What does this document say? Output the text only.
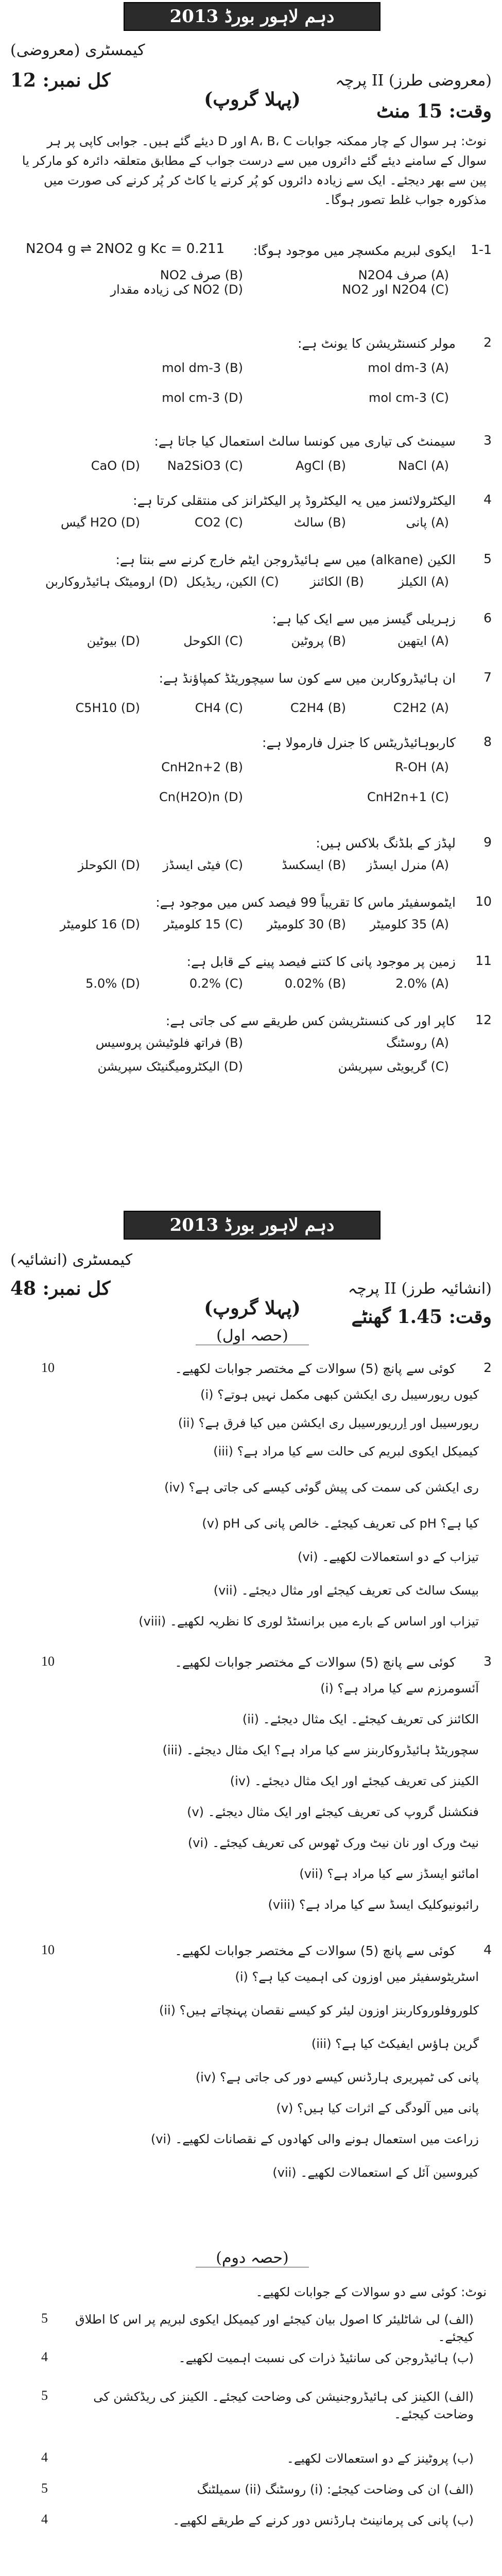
دہم لاہور بورڈ 2013
کیمسٹری (معروضی)
کل نمبر: 12	پرچہ II (معروضی طرز)
وقت: 15 منٹ
(پہلا گروپ)
نوٹ: ہر سوال کے چار ممکنہ جوابات A، B، C اور D دیئے گئے ہیں۔ جوابی کاپی پر ہر سوال کے سامنے دیئے گئے دائروں میں سے درست جواب کے مطابق متعلقہ دائرہ کو مارکر یا پین سے بھر دیجئے۔ ایک سے زیادہ دائروں کو پُر کرنے یا کاٹ کر پُر کرنے کی صورت میں مذکورہ جواب غلط تصور ہوگا۔
ایکوی لبریم مکسچر میں موجود ہوگا:	1-1
N2O4 g ⇌ 2NO2 g Kc = 0.211
(A) صرف N2O4
(B) صرف NO2
(C) N2O4 اور NO2
(D) NO2 کی زیادہ مقدار
مولر کنسنٹریشن کا یونٹ ہے:	2
(A) mol dm-3
(B) mol dm-3
(C) mol cm-3
(D) mol cm-3
سیمنٹ کی تیاری میں کونسا سالٹ استعمال کیا جاتا ہے:	3
(A) NaCl
(B) AgCl
(C) Na2SiO3
(D) CaO
الیکٹرولائسز میں یہ الیکٹروڈ پر الیکٹرانز کی منتقلی کرتا ہے:	4
(A) پانی
(B) سالٹ
(C) CO2
(D) H2O گیس
الکین (alkane) میں سے ہائیڈروجن ایٹم خارج کرنے سے بنتا ہے:	5
(A) الکیلز
(B) الکائنز
(C) الکین، ریڈیکل
(D) ارومیٹک ہائیڈروکاربن
زہریلی گیسز میں سے ایک کیا ہے:	6
(A) ایتھین
(B) پروٹین
(C) الکوحل
(D) بیوٹین
ان ہائیڈروکاربن میں سے کون سا سیچوریٹڈ کمپاؤنڈ ہے:	7
(A) C2H2
(B) C2H4
(C) CH4
(D) C5H10
کاربوہائیڈریٹس کا جنرل فارمولا ہے:	8
(A) R-OH
(B) CnH2n+2
(C) CnH2n+1
(D) Cn(H2O)n
لپڈز کے بلڈنگ بلاکس ہیں:	9
(A) منرل ایسڈز
(B) ایسکسڈ
(C) فیٹی ایسڈز
(D) الکوحلز
ایٹموسفیئر ماس کا تقریباً 99 فیصد کس میں موجود ہے:	10
(A) 35 کلومیٹر
(B) 30 کلومیٹر
(C) 15 کلومیٹر
(D) 16 کلومیٹر
زمین پر موجود پانی کا کتنے فیصد پینے کے قابل ہے:	11
(A) 2.0%
(B) 0.02%
(C) 0.2%
(D) 5.0%
کاپر اور کی کنسنٹریشن کس طریقے سے کی جاتی ہے:	12
(A) روسٹنگ
(B) فراتھ فلوٹیشن پروسیس
(C) گریویٹی سپریشن
(D) الیکٹرومیگنیٹک سپریشن
دہم لاہور بورڈ 2013
کیمسٹری (انشائیہ)
کل نمبر: 48	پرچہ II (انشائیہ طرز)
وقت: 1.45 گھنٹے
(پہلا گروپ)
(حصہ اول)
کوئی سے پانچ (5) سوالات کے مختصر جوابات لکھیے۔	2
10
(i) کیوں ریورسیبل ری ایکشن کبھی مکمل نہیں ہوتے؟
(ii) ریورسیبل اور اِرریورسیبل ری ایکشن میں کیا فرق ہے؟
(iii) کیمیکل ایکوی لبریم کی حالت سے کیا مراد ہے؟
(iv) ری ایکشن کی سمت کی پیش گوئی کیسے کی جاتی ہے؟
(v) pH کی تعریف کیجئے۔ خالص پانی کی pH کیا ہے؟
(vi) تیزاب کے دو استعمالات لکھیے۔
(vii) بیسک سالٹ کی تعریف کیجئے اور مثال دیجئے۔
(viii) تیزاب اور اساس کے بارے میں برانسٹڈ لوری کا نظریہ لکھیے۔
کوئی سے پانچ (5) سوالات کے مختصر جوابات لکھیے۔	3
10
(i) آئسومرزم سے کیا مراد ہے؟
(ii) الکائنز کی تعریف کیجئے۔ ایک مثال دیجئے۔
(iii) سچوریٹڈ ہائیڈروکاربنز سے کیا مراد ہے؟ ایک مثال دیجئے۔
(iv) الکینز کی تعریف کیجئے اور ایک مثال دیجئے۔
(v) فنکشنل گروپ کی تعریف کیجئے اور ایک مثال دیجئے۔
(vi) نیٹ ورک اور نان نیٹ ورک ٹھوس کی تعریف کیجئے۔
(vii) امائنو ایسڈز سے کیا مراد ہے؟
(viii) رائبونیوکلیک ایسڈ سے کیا مراد ہے؟
کوئی سے پانچ (5) سوالات کے مختصر جوابات لکھیے۔	4
10
(i) اسٹریٹوسفیئر میں اوزون کی اہمیت کیا ہے؟
(ii) کلوروفلوروکاربنز اوزون لیئر کو کیسے نقصان پہنچاتے ہیں؟
(iii) گرین ہاؤس ایفیکٹ کیا ہے؟
(iv) پانی کی ٹمپریری ہارڈنس کیسے دور کی جاتی ہے؟
(v) پانی میں آلودگی کے اثرات کیا ہیں؟
(vi) زراعت میں استعمال ہونے والی کھادوں کے نقصانات لکھیے۔
(vii) کیروسین آئل کے استعمالات لکھیے۔
(حصہ دوم)
نوٹ: کوئی سے دو سوالات کے جوابات لکھیے۔
(الف) لی شاٹلیئر کا اصول بیان کیجئے اور کیمیکل ایکوی لبریم پر اس کا اطلاق کیجئے۔
5
(ب) ہائیڈروجن کی سانئیڈ ذرات کی نسبت اہمیت لکھیے۔
4
(الف) الکینز کی ہائیڈروجنیشن کی وضاحت کیجئے۔ الکینز کی ریڈکشن کی وضاحت کیجئے۔
5
(ب) پروٹینز کے دو استعمالات لکھیے۔
4
(الف) ان کی وضاحت کیجئے: (i) روسٹنگ (ii) سمیلٹنگ
5
(ب) پانی کی پرمانینٹ ہارڈنس دور کرنے کے طریقے لکھیے۔
4
